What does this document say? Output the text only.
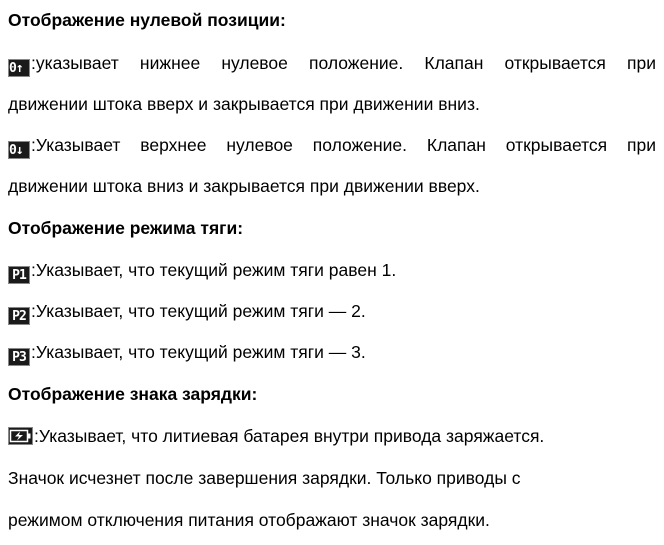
Отображение нулевой позиции:
0↑ :указывает нижнее нулевое положение. Клапан открывается при
движении штока вверх и закрывается при движении вниз.
0↓ :Указывает верхнее нулевое положение. Клапан открывается при
движении штока вниз и закрывается при движении вверх.
Отображение режима тяги:
P1 :Указывает, что текущий режим тяги равен 1.
P2 :Указывает, что текущий режим тяги — 2.
P3 :Указывает, что текущий режим тяги — 3.
Отображение знака зарядки:
:Указывает, что литиевая батарея внутри привода заряжается.
Значок исчезнет после завершения зарядки. Только приводы с
режимом отключения питания отображают значок зарядки.
